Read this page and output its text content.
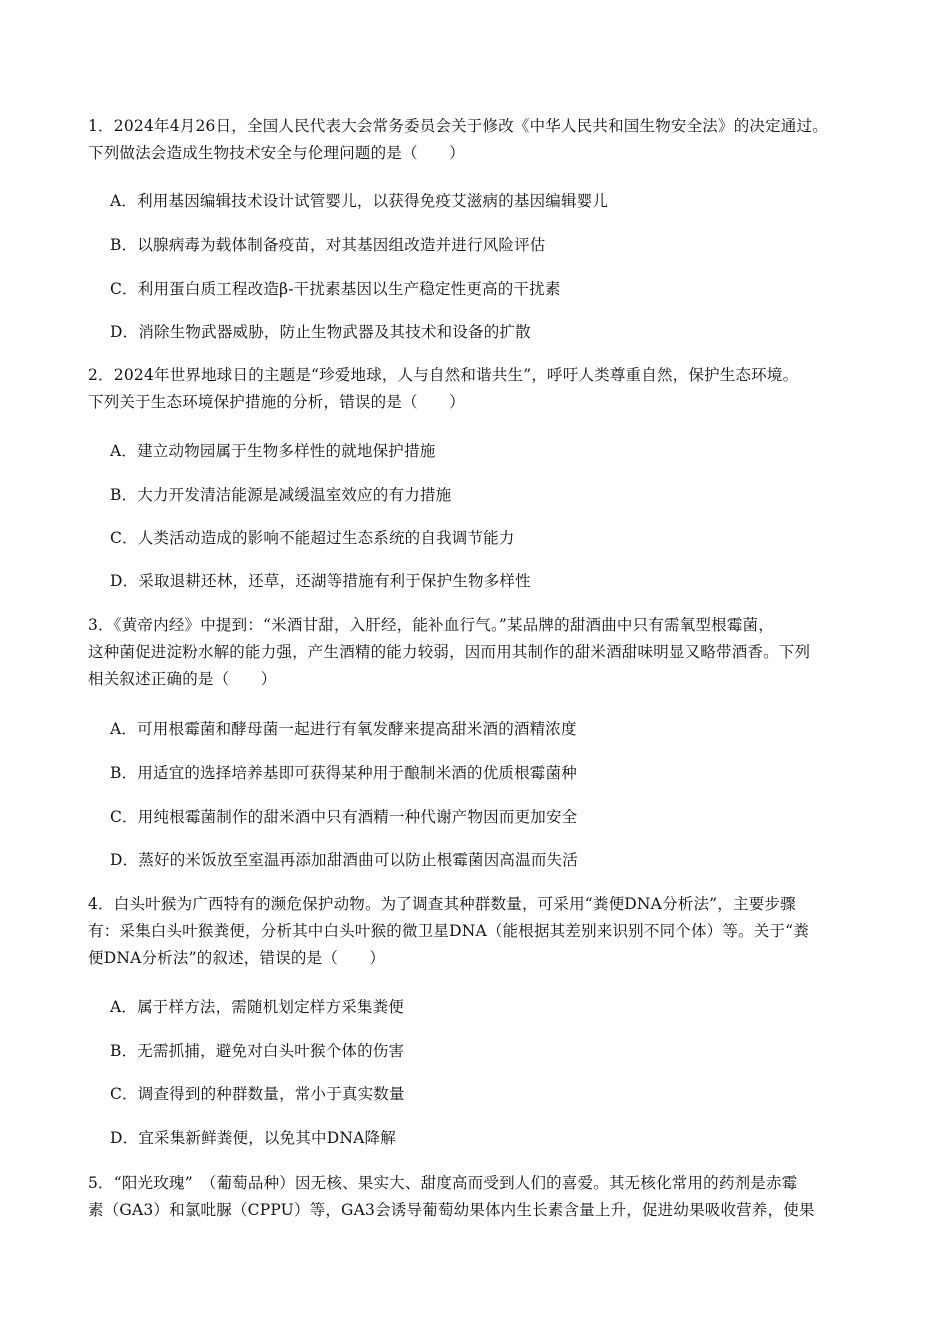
1．2024年4月26日，全国人民代表大会常务委员会关于修改《中华人民共和国生物安全法》的决定通过。
下列做法会造成生物技术安全与伦理问题的是（　　）
A．利用基因编辑技术设计试管婴儿，以获得免疫艾滋病的基因编辑婴儿
B．以腺病毒为载体制备疫苗，对其基因组改造并进行风险评估
C．利用蛋白质工程改造β-干扰素基因以生产稳定性更高的干扰素
D．消除生物武器威胁，防止生物武器及其技术和设备的扩散
2．2024年世界地球日的主题是“珍爱地球，人与自然和谐共生”，呼吁人类尊重自然，保护生态环境。
下列关于生态环境保护措施的分析，错误的是（　　）
A．建立动物园属于生物多样性的就地保护措施
B．大力开发清洁能源是减缓温室效应的有力措施
C．人类活动造成的影响不能超过生态系统的自我调节能力
D．采取退耕还林，还草，还湖等措施有利于保护生物多样性
3．《黄帝内经》中提到：“米酒甘甜，入肝经，能补血行气。”某品牌的甜酒曲中只有需氧型根霉菌，
这种菌促进淀粉水解的能力强，产生酒精的能力较弱，因而用其制作的甜米酒甜味明显又略带酒香。下列
相关叙述正确的是（　　）
A．可用根霉菌和酵母菌一起进行有氧发酵来提高甜米酒的酒精浓度
B．用适宜的选择培养基即可获得某种用于酿制米酒的优质根霉菌种
C．用纯根霉菌制作的甜米酒中只有酒精一种代谢产物因而更加安全
D．蒸好的米饭放至室温再添加甜酒曲可以防止根霉菌因高温而失活
4．白头叶猴为广西特有的濒危保护动物。为了调查其种群数量，可采用“粪便DNA分析法”，主要步骤
有：采集白头叶猴粪便，分析其中白头叶猴的微卫星DNA（能根据其差别来识别不同个体）等。关于“粪
便DNA分析法”的叙述，错误的是（　　）
A．属于样方法，需随机划定样方采集粪便
B．无需抓捕，避免对白头叶猴个体的伤害
C．调查得到的种群数量，常小于真实数量
D．宜采集新鲜粪便，以免其中DNA降解
5．“阳光玫瑰”　（葡萄品种）因无核、果实大、甜度高而受到人们的喜爱。其无核化常用的药剂是赤霉
素（GA3）和氯吡脲（CPPU）等，GA3会诱导葡萄幼果体内生长素含量上升，促进幼果吸收营养，使果
